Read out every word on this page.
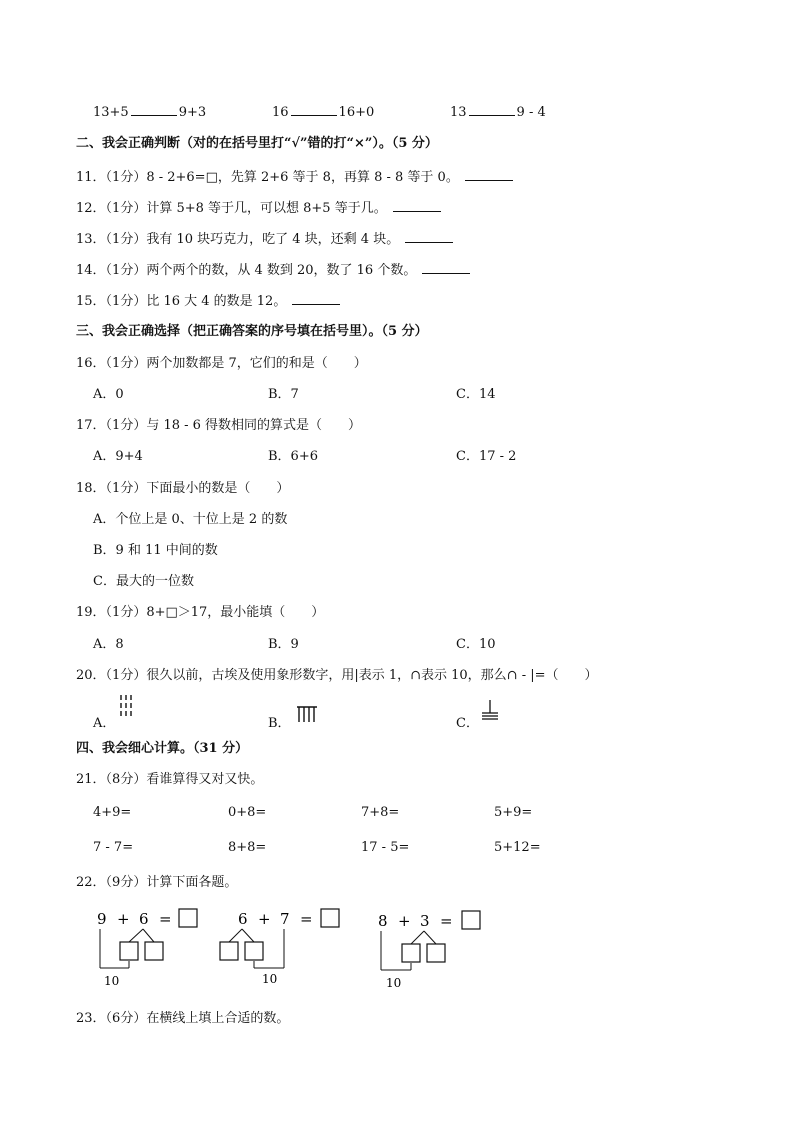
13+5	9+3	16	16+0	13	9 - 4
二、我会正确判断（对的在括号里打“√”错的打“×”）。（5 分）
11．（1分）8 - 2+6=□，先算 2+6 等于 8，再算 8 - 8 等于 0。
12．（1分）计算 5+8 等于几，可以想 8+5 等于几。
13．（1分）我有 10 块巧克力，吃了 4 块，还剩 4 块。
14．（1分）两个两个的数，从 4 数到 20，数了 16 个数。
15．（1分）比 16 大 4 的数是 12。
三、我会正确选择（把正确答案的序号填在括号里）。（5 分）
16．（1分）两个加数都是 7，它们的和是（　　）
A．0	B．7	C．14
17．（1分）与 18 - 6 得数相同的算式是（　　）
A．9+4	B．6+6	C．17 - 2
18．（1分）下面最小的数是（　　）
A．个位上是 0、十位上是 2 的数
B．9 和 11 中间的数
C．最大的一位数
19．（1分）8+□＞17，最小能填（　　）
A．8	B．9	C．10
20．（1分）很久以前，古埃及使用象形数字，用|表示 1，∩表示 10，那么∩ - |=（　　）
A．	B．	C．
四、我会细心计算。（31 分）
21．（8分）看谁算得又对又快。
4+9=	0+8=	7+8=	5+9=
7 - 7=	8+8=	17 - 5=	5+12=
22．（9分）计算下面各题。
9 + 6 =
10
6 + 7 =
10
8 + 3 =
10
23．（6分）在横线上填上合适的数。
